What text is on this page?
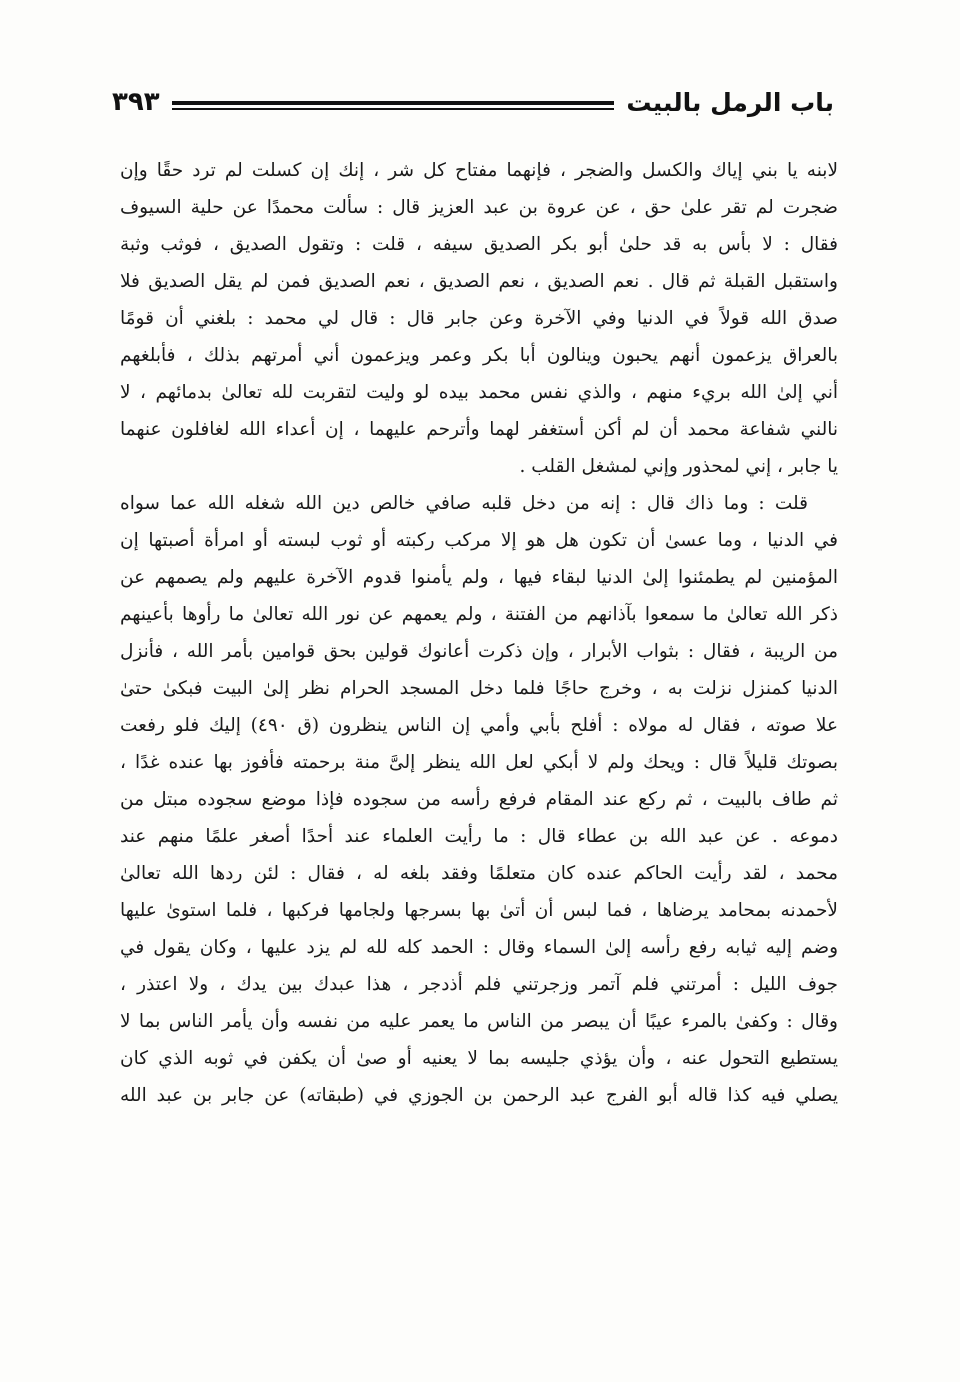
باب الرمل بالبيت
٣٩٣
لابنه يا بني إياك والكسل والضجر ، فإنهما مفتاح كل شر ، إنك إن كسلت لم ترد حقًا وإن
ضجرت لم تقر علىٰ حق ، عن عروة بن عبد العزيز قال : سألت محمدًا عن حلية السيوف
فقال : لا بأس به قد حلىٰ أبو بكر الصديق سيفه ، قلت : وتقول الصديق ، فوثب وثبة
واستقبل القبلة ثم قال . نعم الصديق ، نعم الصديق ، نعم الصديق فمن لم يقل الصديق فلا
صدق الله قولاً في الدنيا وفي الآخرة وعن جابر قال : قال لي محمد : بلغني أن قومًا
بالعراق يزعمون أنهم يحبون وينالون أبا بكر وعمر ويزعمون أني أمرتهم بذلك ، فأبلغهم
أني إلىٰ الله بريء منهم ، والذي نفس محمد بيده لو وليت لتقربت لله تعالىٰ بدمائهم ، لا
نالني شفاعة محمد أن لم أكن أستغفر لهما وأترحم عليهما ، إن أعداء الله لغافلون عنهما
يا جابر ، إني لمحذور وإني لمشغل القلب .
قلت : وما ذاك قال : إنه من دخل قلبه صافي خالص دين الله شغله الله عما سواه
في الدنيا ، وما عسىٰ أن تكون هل هو إلا مركب ركبته أو ثوب لبسته أو امرأة أصبتها إن
المؤمنين لم يطمئنوا إلىٰ الدنيا لبقاء فيها ، ولم يأمنوا قدوم الآخرة عليهم ولم يصمهم عن
ذكر الله تعالىٰ ما سمعوا بآذانهم من الفتنة ، ولم يعمهم عن نور الله تعالىٰ ما رأوها بأعينهم
من الريبة ، فقال : بثواب الأبرار ، وإن ذكرت أعانوك قولين بحق قوامين بأمر الله ، فأنزل
الدنيا كمنزل نزلت به ، وخرج حاجًا فلما دخل المسجد الحرام نظر إلىٰ البيت فبكىٰ حتىٰ
علا صوته ، فقال له مولاه : أفلح بأبي وأمي إن الناس ينظرون (ق ٤٩٠) إليك فلو رفعت
بصوتك قليلاً قال : ويحك ولم لا أبكي لعل الله ينظر إلىَّ منة برحمته فأفوز بها عنده غدًا ،
ثم طاف بالبيت ، ثم ركع عند المقام فرفع رأسه من سجوده فإذا موضع سجوده مبتل من
دموعه . عن عبد الله بن عطاء قال : ما رأيت العلماء عند أحدًا أصغر علمًا منهم عند
محمد ، لقد رأيت الحاكم عنده كان متعلمًا وفقد بلغه له ، فقال : لئن ردها الله تعالىٰ
لأحمدنه بمحامد يرضاها ، فما لبس أن أتىٰ بها بسرجها ولجامها فركبها ، فلما استوىٰ عليها
وضم إليه ثيابه رفع رأسه إلىٰ السماء وقال : الحمد كله لله لم يزد عليها ، وكان يقول في
جوف الليل : أمرتني فلم آتمر وزجرتني فلم أذدجر ، هذا عبدك بين يدك ، ولا اعتذر ،
وقال : وكفىٰ بالمرء عيبًا أن يبصر من الناس ما يعمر عليه من نفسه وأن يأمر الناس بما لا
يستطيع التحول عنه ، وأن يؤذي جليسه بما لا يعنيه أو صىٰ أن يكفن في ثوبه الذي كان
يصلي فيه كذا قاله أبو الفرج عبد الرحمن بن الجوزي في (طبقاته) عن جابر بن عبد الله
